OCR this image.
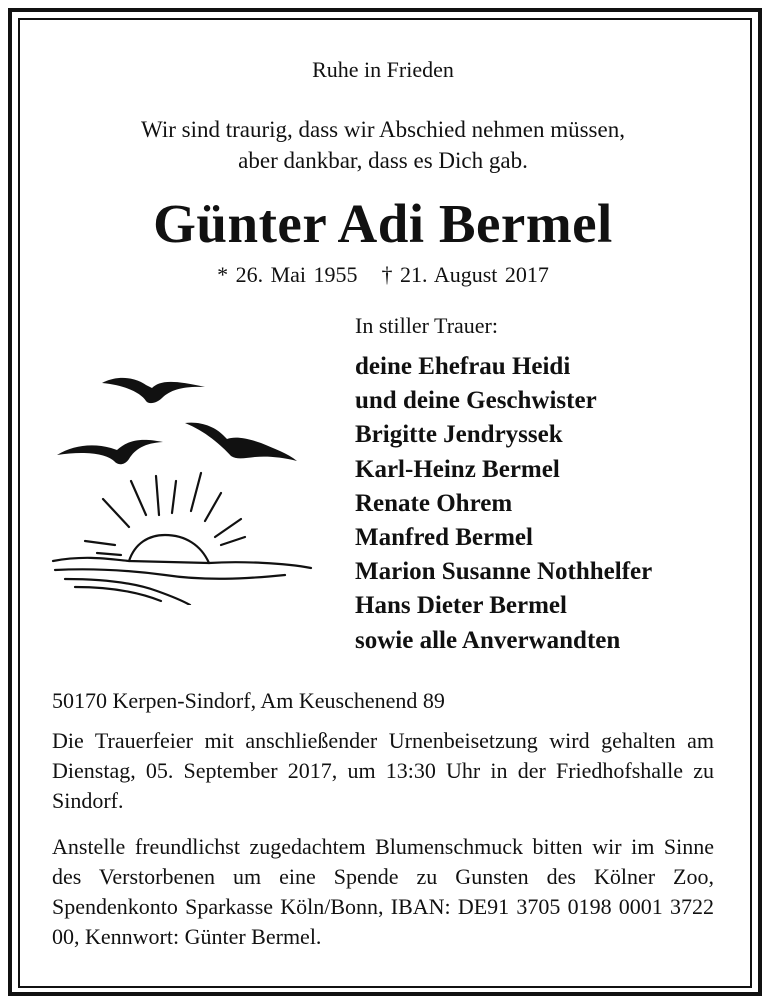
Ruhe in Frieden
Wir sind traurig, dass wir Abschied nehmen müssen,
aber dankbar, dass es Dich gab.
Günter Adi Bermel
* 26. Mai 1955 † 21. August 2017
In stiller Trauer:
deine Ehefrau Heidi
und deine Geschwister
Brigitte Jendryssek
Karl-Heinz Bermel
Renate Ohrem
Manfred Bermel
Marion Susanne Nothhelfer
Hans Dieter Bermel
sowie alle Anverwandten
50170 Kerpen-Sindorf, Am Keuschenend 89
Die Trauerfeier mit anschließender Urnenbeisetzung wird gehalten am Dienstag, 05. September 2017, um 13:30 Uhr in der Friedhofshalle zu Sindorf.
Anstelle freundlichst zugedachtem Blumenschmuck bitten wir im Sinne des Verstorbenen um eine Spende zu Gunsten des Kölner Zoo, Spendenkonto Sparkasse Köln/Bonn, IBAN: DE91 3705 0198 0001 3722 00, Kennwort: Günter Bermel.
